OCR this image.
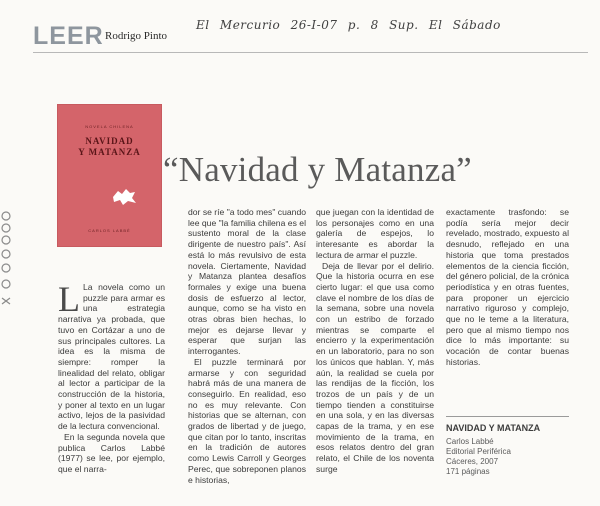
LEER Rodrigo Pinto
El Mercurio 26-I-07 p. 8 Sup. El Sábado
NOVELA CHILENA
NAVIDAD
Y MATANZA
CARLOS LABBÉ
“Navidad y Matanza”
L La novela como un puzzle para armar es una estrategia narrativa ya probada, que tuvo en Cortázar a uno de sus principales cultores. La idea es la misma de siempre: romper la linealidad del relato, obligar al lector a participar de la construcción de la historia, y poner al texto en un lugar activo, lejos de la pasividad de la lectura convencional.

En la segunda novela que publica Carlos Labbé (1977) se lee, por ejemplo, que el narra-

dor se ríe "a todo mes" cuando lee que "la familia chilena es el sustento moral de la clase dirigente de nuestro país". Así está lo más revulsivo de esta novela. Ciertamente, Navidad y Matanza plantea desafíos formales y exige una buena dosis de esfuerzo al lector, aunque, como se ha visto en otras obras bien hechas, lo mejor es dejarse llevar y esperar que surjan las interrogantes.

El puzzle terminará por armarse y con seguridad habrá más de una manera de conseguirlo. En realidad, eso no es muy relevante. Con historias que se alternan, con grados de libertad y de juego, que citan por lo tanto, inscritas en la tradición de autores como Lewis Carroll y Georges Perec, que sobreponen planos e historias,

que juegan con la identidad de los personajes como en una galería de espejos, lo interesante es abordar la lectura de armar el puzzle.

Deja de llevar por el delirio. Que la historia ocurra en ese cierto lugar: el que usa como clave el nombre de los días de la semana, sobre una novela con un estribo de forzado mientras se comparte el encierro y la experimentación en un laboratorio, para no son los únicos que hablan. Y, más aún, la realidad se cuela por las rendijas de la ficción, los trozos de un país y de un tiempo tienden a constituirse en una sola, y en las diversas capas de la trama, y en ese movimiento de la trama, en esos relatos dentro del gran relato, el Chile de los noventa surge

exactamente trasfondo: se podía sería mejor decir revelado, mostrado, expuesto al desnudo, reflejado en una historia que toma prestados elementos de la ciencia ficción, del género policial, de la crónica periodística y en otras fuentes, para proponer un ejercicio narrativo riguroso y complejo, que no le teme a la literatura, pero que al mismo tiempo nos dice lo más importante: su vocación de contar buenas historias.

NAVIDAD Y MATANZA
Carlos Labbé
Editorial Periférica
Cáceres, 2007
171 páginas
